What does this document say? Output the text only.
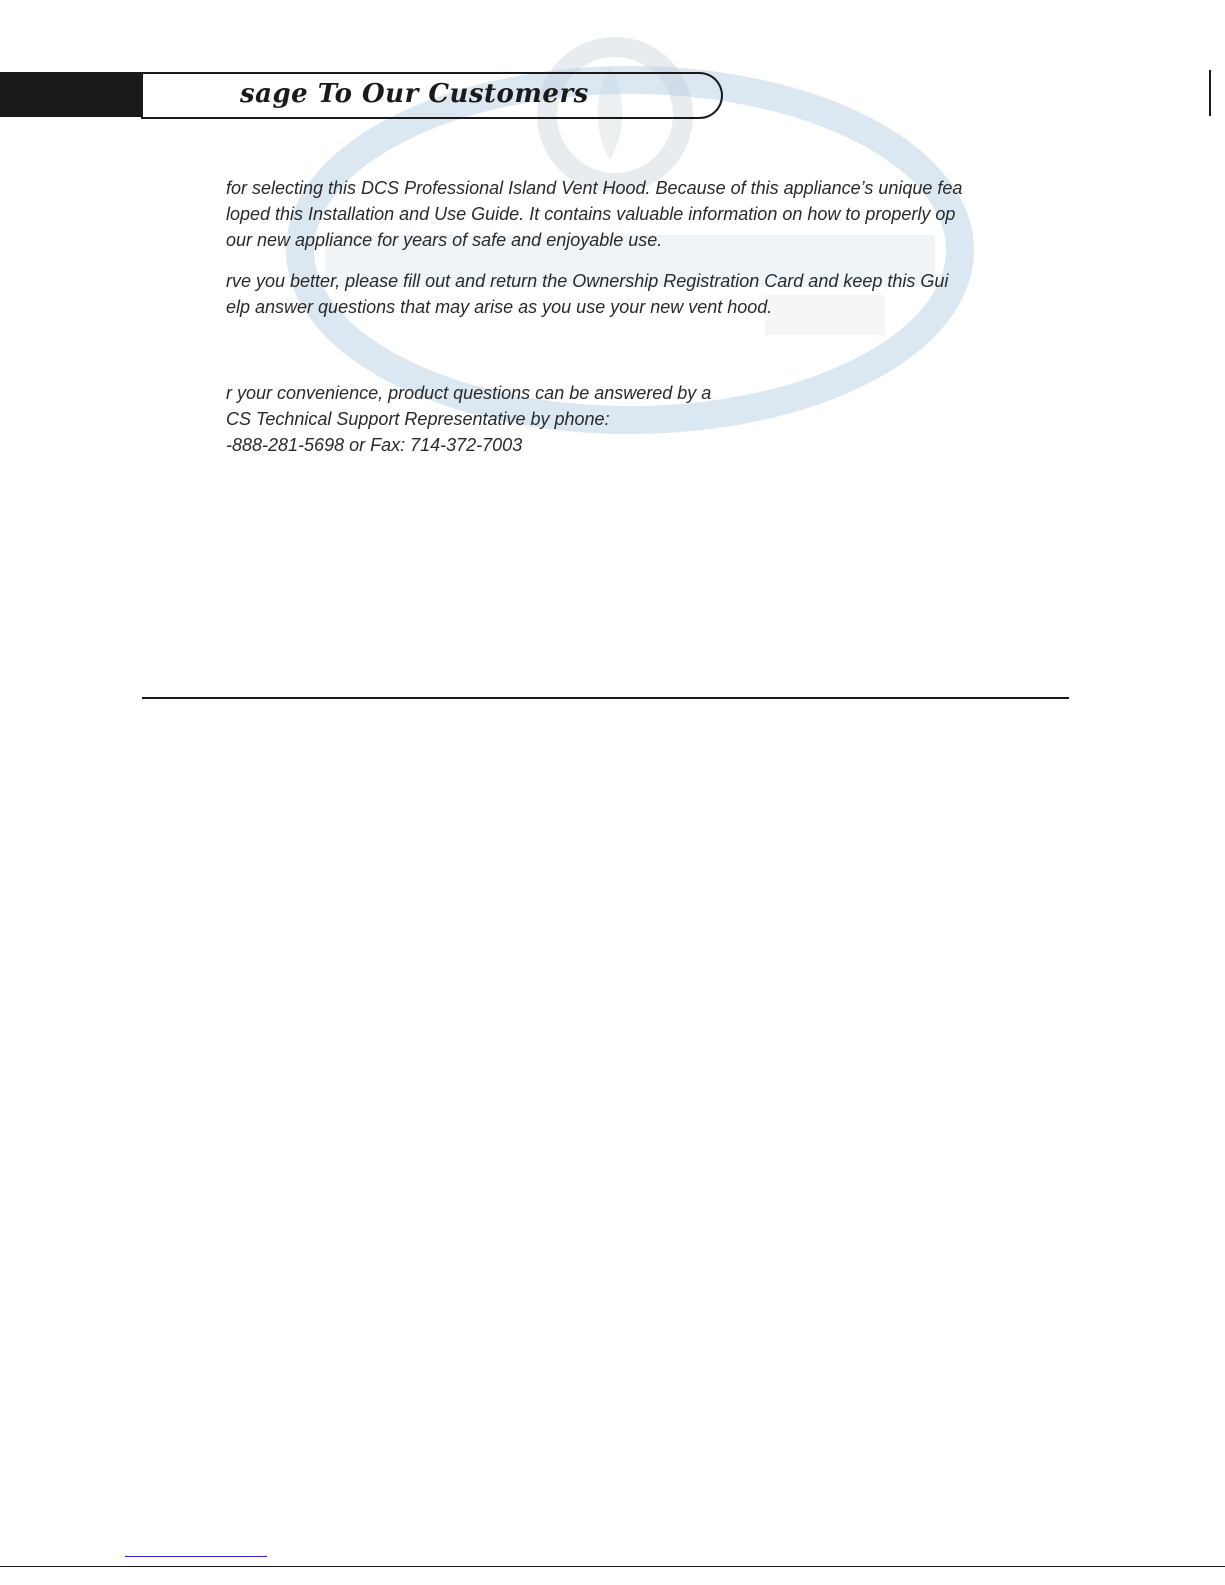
sage To Our Customers
for selecting this DCS Professional Island Vent Hood. Because of this appliance’s unique fea
loped this Installation and Use Guide. It contains valuable information on how to properly op
our new appliance for years of safe and enjoyable use.
rve you better, please fill out and return the Ownership Registration Card and keep this Gui
elp answer questions that may arise as you use your new vent hood.
r your convenience, product questions can be answered by a
CS Technical Support Representative by phone:
-888-281-5698 or Fax: 714-372-7003
